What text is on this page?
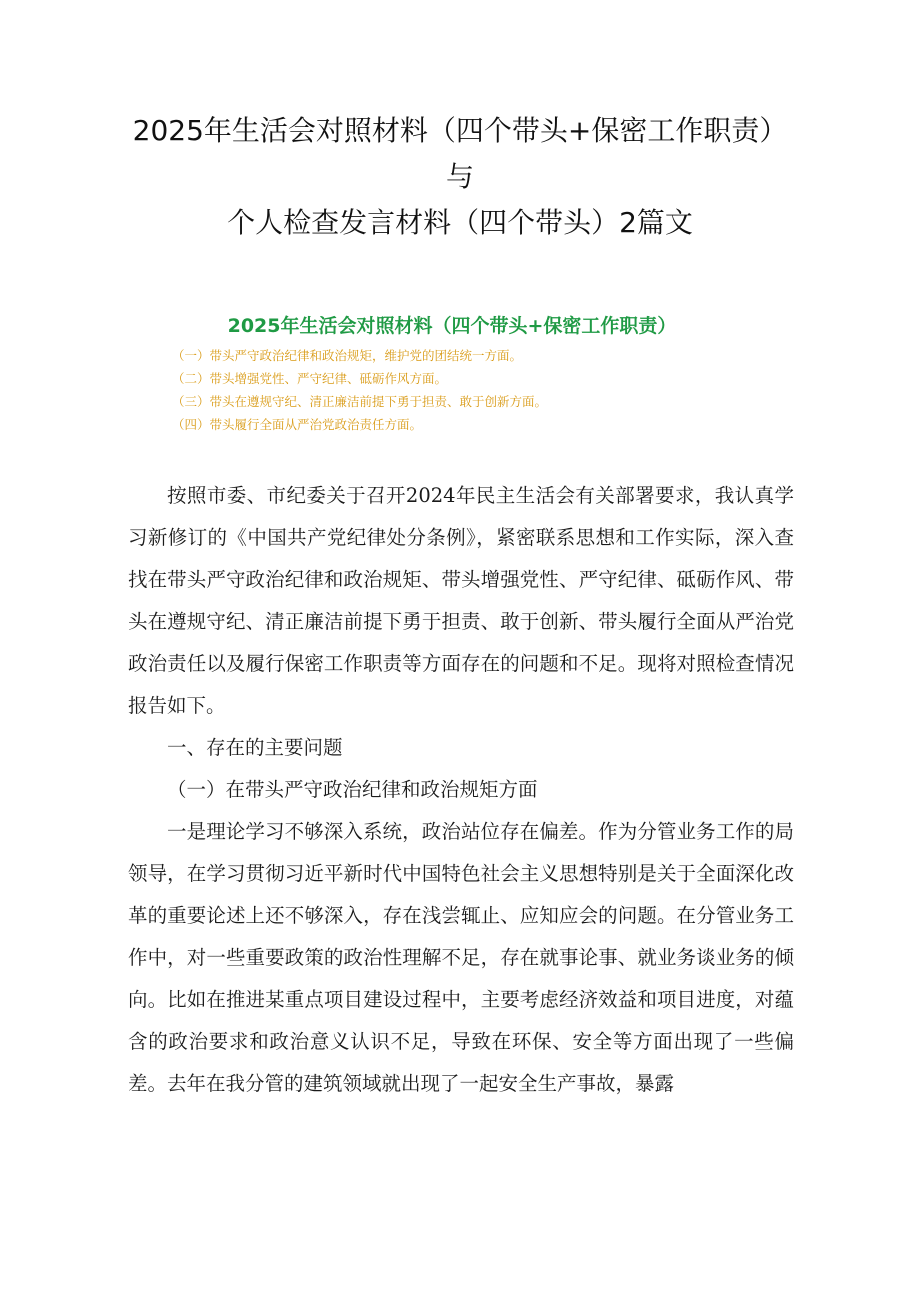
2025年生活会对照材料（四个带头+保密工作职责）与
个人检查发言材料（四个带头）2篇文
2025年生活会对照材料（四个带头+保密工作职责）
（一）带头严守政治纪律和政治规矩，维护党的团结统一方面。
（二）带头增强党性、严守纪律、砥砺作风方面。
（三）带头在遵规守纪、清正廉洁前提下勇于担责、敢于创新方面。
（四）带头履行全面从严治党政治责任方面。

按照市委、市纪委关于召开2024年民主生活会有关部署要求，我认真学习新修订的《中国共产党纪律处分条例》，紧密联系思想和工作实际，深入查找在带头严守政治纪律和政治规矩、带头增强党性、严守纪律、砥砺作风、带头在遵规守纪、清正廉洁前提下勇于担责、敢于创新、带头履行全面从严治党政治责任以及履行保密工作职责等方面存在的问题和不足。现将对照检查情况报告如下。

一、存在的主要问题

（一）在带头严守政治纪律和政治规矩方面

一是理论学习不够深入系统，政治站位存在偏差。作为分管业务工作的局领导，在学习贯彻习近平新时代中国特色社会主义思想特别是关于全面深化改革的重要论述上还不够深入，存在浅尝辄止、应知应会的问题。在分管业务工作中，对一些重要政策的政治性理解不足，存在就事论事、就业务谈业务的倾向。比如在推进某重点项目建设过程中，主要考虑经济效益和项目进度，对蕴含的政治要求和政治意义认识不足，导致在环保、安全等方面出现了一些偏差。去年在我分管的建筑领域就出现了一起安全生产事故，暴露
